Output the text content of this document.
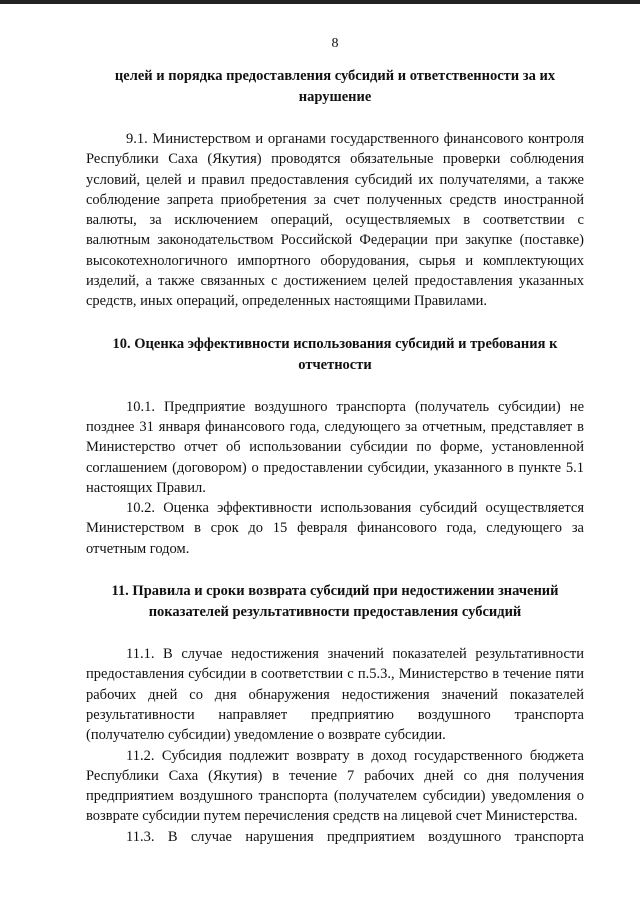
8
целей и порядка предоставления субсидий и ответственности за их нарушение

9.1. Министерством и органами государственного финансового контроля Республики Саха (Якутия) проводятся обязательные проверки соблюдения условий, целей и правил предоставления субсидий их получателями, а также соблюдение запрета приобретения за счет полученных средств иностранной валюты, за исключением операций, осуществляемых в соответствии с валютным законодательством Российской Федерации при закупке (поставке) высокотехнологичного импортного оборудования, сырья и комплектующих изделий, а также связанных с достижением целей предоставления указанных средств, иных операций, определенных настоящими Правилами.

10. Оценка эффективности использования субсидий и требования к отчетности

10.1. Предприятие воздушного транспорта (получатель субсидии) не позднее 31 января финансового года, следующего за отчетным, представляет в Министерство отчет об использовании субсидии по форме, установленной соглашением (договором) о предоставлении субсидии, указанного в пункте 5.1 настоящих Правил.

10.2. Оценка эффективности использования субсидий осуществляется Министерством в срок до 15 февраля финансового года, следующего за отчетным годом.

11. Правила и сроки возврата субсидий при недостижении значений показателей результативности предоставления субсидий

11.1. В случае недостижения значений показателей результативности предоставления субсидии в соответствии с п.5.3., Министерство в течение пяти рабочих дней со дня обнаружения недостижения значений показателей результативности направляет предприятию воздушного транспорта (получателю субсидии) уведомление о возврате субсидии.

11.2. Субсидия подлежит возврату в доход государственного бюджета Республики Саха (Якутия) в течение 7 рабочих дней со дня получения предприятием воздушного транспорта (получателем субсидии) уведомления о возврате субсидии путем перечисления средств на лицевой счет Министерства.

11.3. В случае нарушения предприятием воздушного транспорта
